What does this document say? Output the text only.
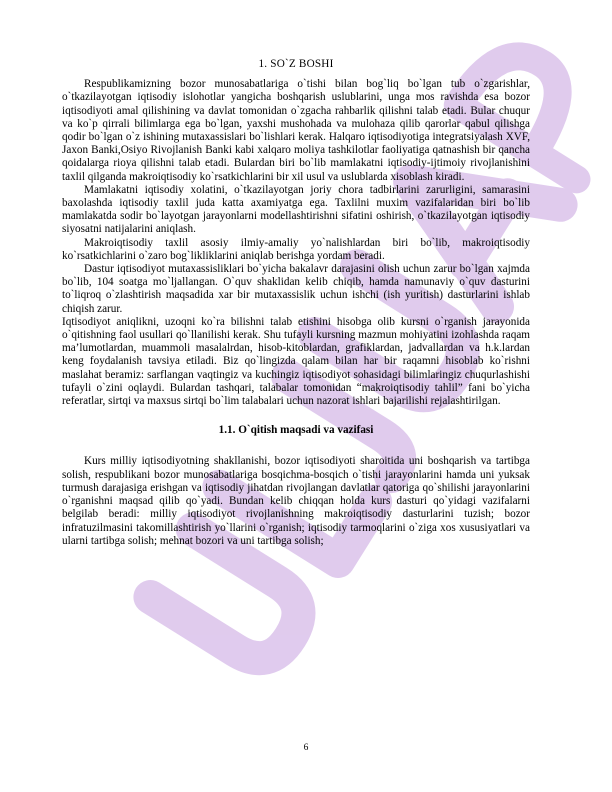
1. SO`Z BOSHI

Respublikamizning bozor munosabatlariga o`tishi bilan bog`liq bo`lgan tub o`zgarishlar, o`tkazilayotgan iqtisodiy islohotlar yangicha boshqarish uslublarini, unga mos ravishda esa bozor iqtisodiyoti amal qilishining va davlat tomonidan o`zgacha rahbarlik qilishni talab etadi. Bular chuqur va ko`p qirrali bilimlarga ega bo`lgan, yaxshi mushohada va mulohaza qilib qarorlar qabul qilishga qodir bo`lgan o`z ishining mutaxassislari bo`lishlari kerak. Halqaro iqtisodiyotiga integratsiyalash XVF, Jaxon Banki,Osiyo Rivojlanish Banki kabi xalqaro moliya tashkilotlar faoliyatiga qatnashish bir qancha qoidalarga rioya qilishni talab etadi. Bulardan biri bo`lib mamlakatni iqtisodiy-ijtimoiy rivojlanishini taxlil qilganda makroiqtisodiy ko`rsatkichlarini bir xil usul va uslublarda xisoblash kiradi.

Mamlakatni iqtisodiy xolatini, o`tkazilayotgan joriy chora tadbirlarini zarurligini, samarasini baxolashda iqtisodiy taxlil juda katta axamiyatga ega. Taxlilni muxim vazifalaridan biri bo`lib mamlakatda sodir bo`layotgan jarayonlarni modellashtirishni sifatini oshirish, o`tkazilayotgan iqtisodiy siyosatni natijalarini aniqlash.

Makroiqtisodiy taxlil asosiy ilmiy-amaliy yo`nalishlardan biri bo`lib, makroiqtisodiy ko`rsatkichlarini o`zaro bog`likliklarini aniqlab berishga yordam beradi.

Dastur iqtisodiyot mutaxassisliklari bo`yicha bakalavr darajasini olish uchun zarur bo`lgan xajmda bo`lib, 104 soatga mo`ljallangan. O`quv shaklidan kelib chiqib, hamda namunaviy o`quv dasturini to`liqroq o`zlashtirish maqsadida xar bir mutaxassislik uchun ishchi (ish yuritish) dasturlarini ishlab chiqish zarur.

Iqtisodiyot aniqlikni, uzoqni ko`ra bilishni talab etishini hisobga olib kursni o`rganish jarayonida o`qitishning faol usullari qo`llanilishi kerak. Shu tufayli kursning mazmun mohiyatini izohlashda raqam ma’lumotlardan, muammoli masalalrdan, hisob-kitoblardan, grafiklardan, jadvallardan va h.k.lardan keng foydalanish tavsiya etiladi. Biz qo`lingizda qalam bilan har bir raqamni hisoblab ko`rishni maslahat beramiz: sarflangan vaqtingiz va kuchingiz iqtisodiyot sohasidagi bilimlaringiz chuqurlashishi tufayli o`zini oqlaydi. Bulardan tashqari, talabalar tomonidan “makroiqtisodiy tahlil” fani bo`yicha referatlar, sirtqi va maxsus sirtqi bo`lim talabalari uchun nazorat ishlari bajarilishi rejalashtirilgan.

1.1. O`qitish maqsadi va vazifasi

Kurs milliy iqtisodiyotning shakllanishi, bozor iqtisodiyoti sharoitida uni boshqarish va tartibga solish, respublikani bozor munosabatlariga bosqichma-bosqich o`tishi jarayonlarini hamda uni yuksak turmush darajasiga erishgan va iqtisodiy jihatdan rivojlangan davlatlar qatoriga qo`shilishi jarayonlarini o`rganishni maqsad qilib qo`yadi. Bundan kelib chiqqan holda kurs dasturi qo`yidagi vazifalarni belgilab beradi: milliy iqtisodiyot rivojlanishning makroiqtisodiy dasturlarini tuzish; bozor infratuzilmasini takomillashtirish yo`llarini o`rganish; iqtisodiy tarmoqlarini o`ziga xos xususiyatlari va ularni tartibga solish; mehnat bozori va uni tartibga solish;

6
